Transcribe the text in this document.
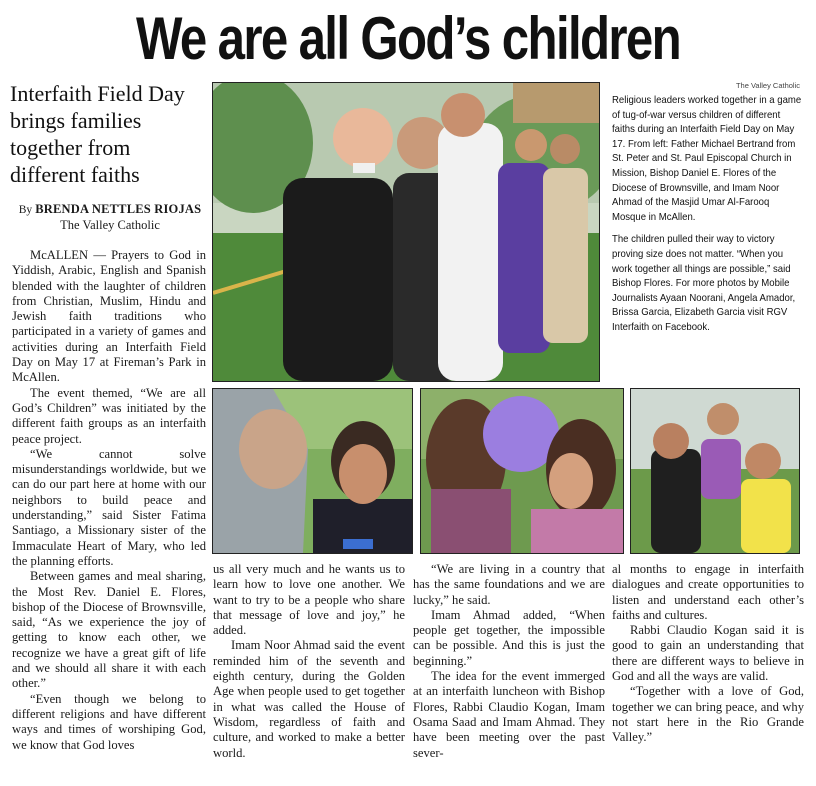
We are all God’s children
Interfaith Field Day brings families together from different faiths
By BRENDA NETTLES RIOJAS
The Valley Catholic

McALLEN — Prayers to God in Yiddish, Arabic, English and Spanish blended with the laughter of children from Christian, Muslim, Hindu and Jewish faith traditions who participated in a variety of games and activities during an Interfaith Field Day on May 17 at Fireman’s Park in McAllen.

The event themed, “We are all God’s Children” was initiated by the different faith groups as an interfaith peace project.

“We cannot solve misunderstandings worldwide, but we can do our part here at home with our neighbors to build peace and understanding,” said Sister Fatima Santiago, a Missionary sister of the Immaculate Heart of Mary, who led the planning efforts.

Between games and meal sharing, the Most Rev. Daniel E. Flores, bishop of the Diocese of Brownsville, said, “As we experience the joy of getting to know each other, we recognize we have a great gift of life and we should all share it with each other.”

“Even though we belong to different religions and have different ways and times of worshiping God, we know that God loves

The Valley Catholic

Religious leaders worked together in a game of tug-of-war versus children of different faiths during an Interfaith Field Day on May 17. From left: Father Michael Bertrand from St. Peter and St. Paul Episcopal Church in Mission, Bishop Daniel E. Flores of the Diocese of Brownsville, and Imam Noor Ahmad of the Masjid Umar Al-Farooq Mosque in McAllen.

The children pulled their way to victory proving size does not matter. “When you work together all things are possible,” said Bishop Flores. For more photos by Mobile Journalists Ayaan Noorani, Angela Amador, Brissa Garcia, Elizabeth Garcia visit RGV Interfaith on Facebook.

us all very much and he wants us to learn how to love one another. We want to try to be a people who share that message of love and joy,” he added.

Imam Noor Ahmad said the event reminded him of the seventh and eighth century, during the Golden Age when people used to get together in what was called the House of Wisdom, regardless of faith and culture, and worked to make a better world.

“We are living in a country that has the same foundations and we are lucky,” he said.

Imam Ahmad added, “When people get together, the impossible can be possible. And this is just the beginning.”

The idea for the event immerged at an interfaith luncheon with Bishop Flores, Rabbi Claudio Kogan, Imam Osama Saad and Imam Ahmad. They have been meeting over the past sever-

al months to engage in interfaith dialogues and create opportunities to listen and understand each other’s faiths and cultures.

Rabbi Claudio Kogan said it is good to gain an understanding that there are different ways to believe in God and all the ways are valid.

“Together with a love of God, together we can bring peace, and why not start here in the Rio Grande Valley.”
